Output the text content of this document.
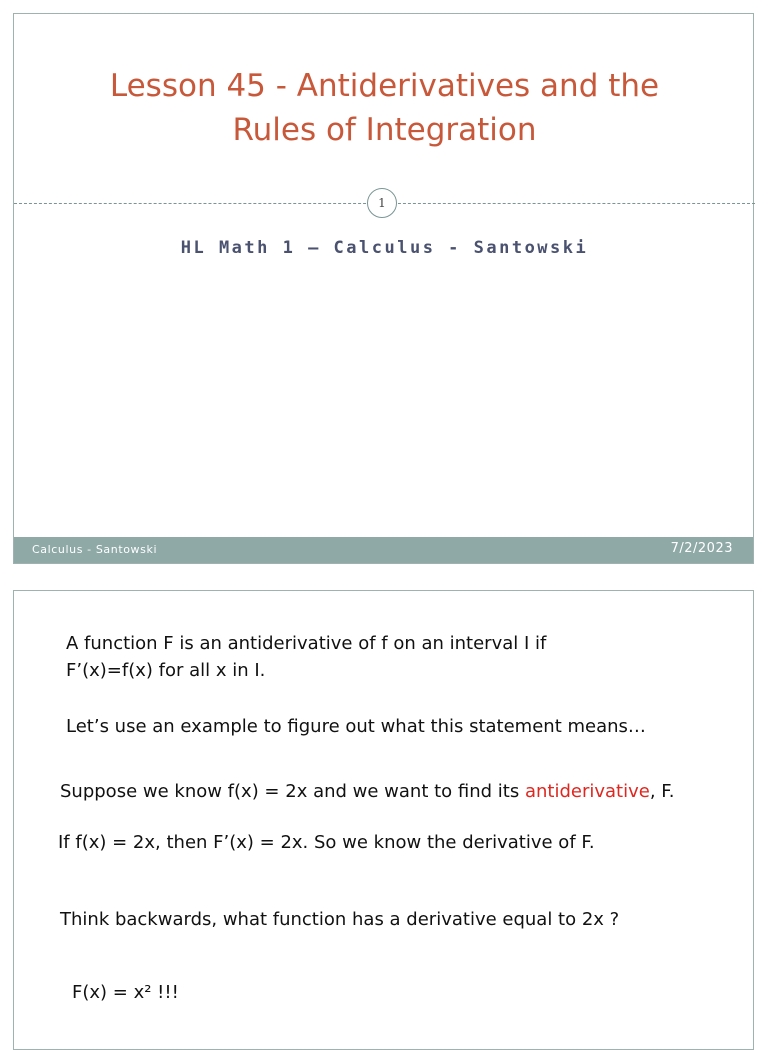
Lesson 45 - Antiderivatives and the
Rules of Integration
1
HL Math 1 – Calculus - Santowski
Calculus - Santowski	7/2/2023
A function F is an antiderivative of f on an interval I if
F’(x)=f(x) for all x in I.
Let’s use an example to figure out what this statement means…
Suppose we know f(x) = 2x and we want to find its antiderivative, F.
If f(x) = 2x, then F’(x) = 2x. So we know the derivative of F.
Think backwards, what function has a derivative equal to 2x ?
F(x) = x² !!!
